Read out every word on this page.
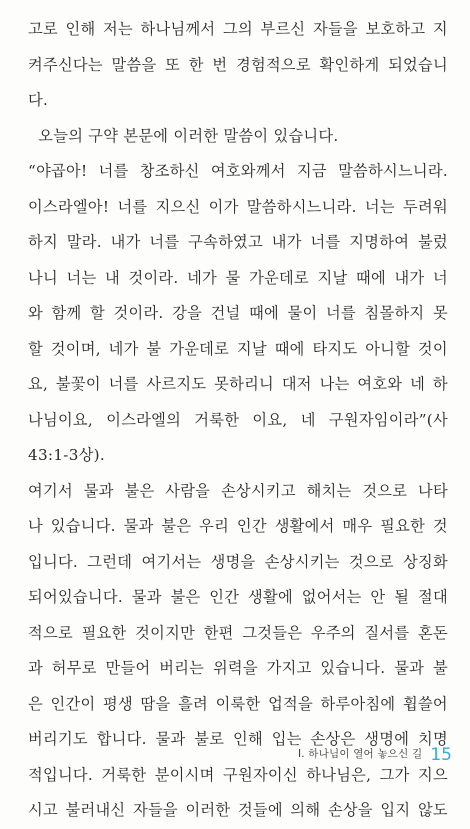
고로 인해 저는 하나님께서 그의 부르신 자들을 보호하고 지
켜주신다는 말씀을 또 한 번 경험적으로 확인하게 되었습니
다.
오늘의 구약 본문에 이러한 말씀이 있습니다.
“야곱아! 너를 창조하신 여호와께서 지금 말씀하시느니라.
이스라엘아! 너를 지으신 이가 말씀하시느니라. 너는 두려워
하지 말라. 내가 너를 구속하였고 내가 너를 지명하여 불렀
나니 너는 내 것이라. 네가 물 가운데로 지날 때에 내가 너
와 함께 할 것이라. 강을 건널 때에 물이 너를 침몰하지 못
할 것이며, 네가 불 가운데로 지날 때에 타지도 아니할 것이
요, 불꽃이 너를 사르지도 못하리니 대저 나는 여호와 네 하
나님이요, 이스라엘의 거룩한 이요, 네 구원자임이라”(사
43:1-3상).
여기서 물과 불은 사람을 손상시키고 해치는 것으로 나타
나 있습니다. 물과 불은 우리 인간 생활에서 매우 필요한 것
입니다. 그런데 여기서는 생명을 손상시키는 것으로 상징화
되어있습니다. 물과 불은 인간 생활에 없어서는 안 될 절대
적으로 필요한 것이지만 한편 그것들은 우주의 질서를 혼돈
과 허무로 만들어 버리는 위력을 가지고 있습니다. 물과 불
은 인간이 평생 땀을 흘려 이룩한 업적을 하루아침에 휩쓸어
버리기도 합니다. 물과 불로 인해 입는 손상은 생명에 치명
적입니다. 거룩한 분이시며 구원자이신 하나님은, 그가 지으
시고 불러내신 자들을 이러한 것들에 의해 손상을 입지 않도
I. 하나님이 열어 놓으신 길 15
